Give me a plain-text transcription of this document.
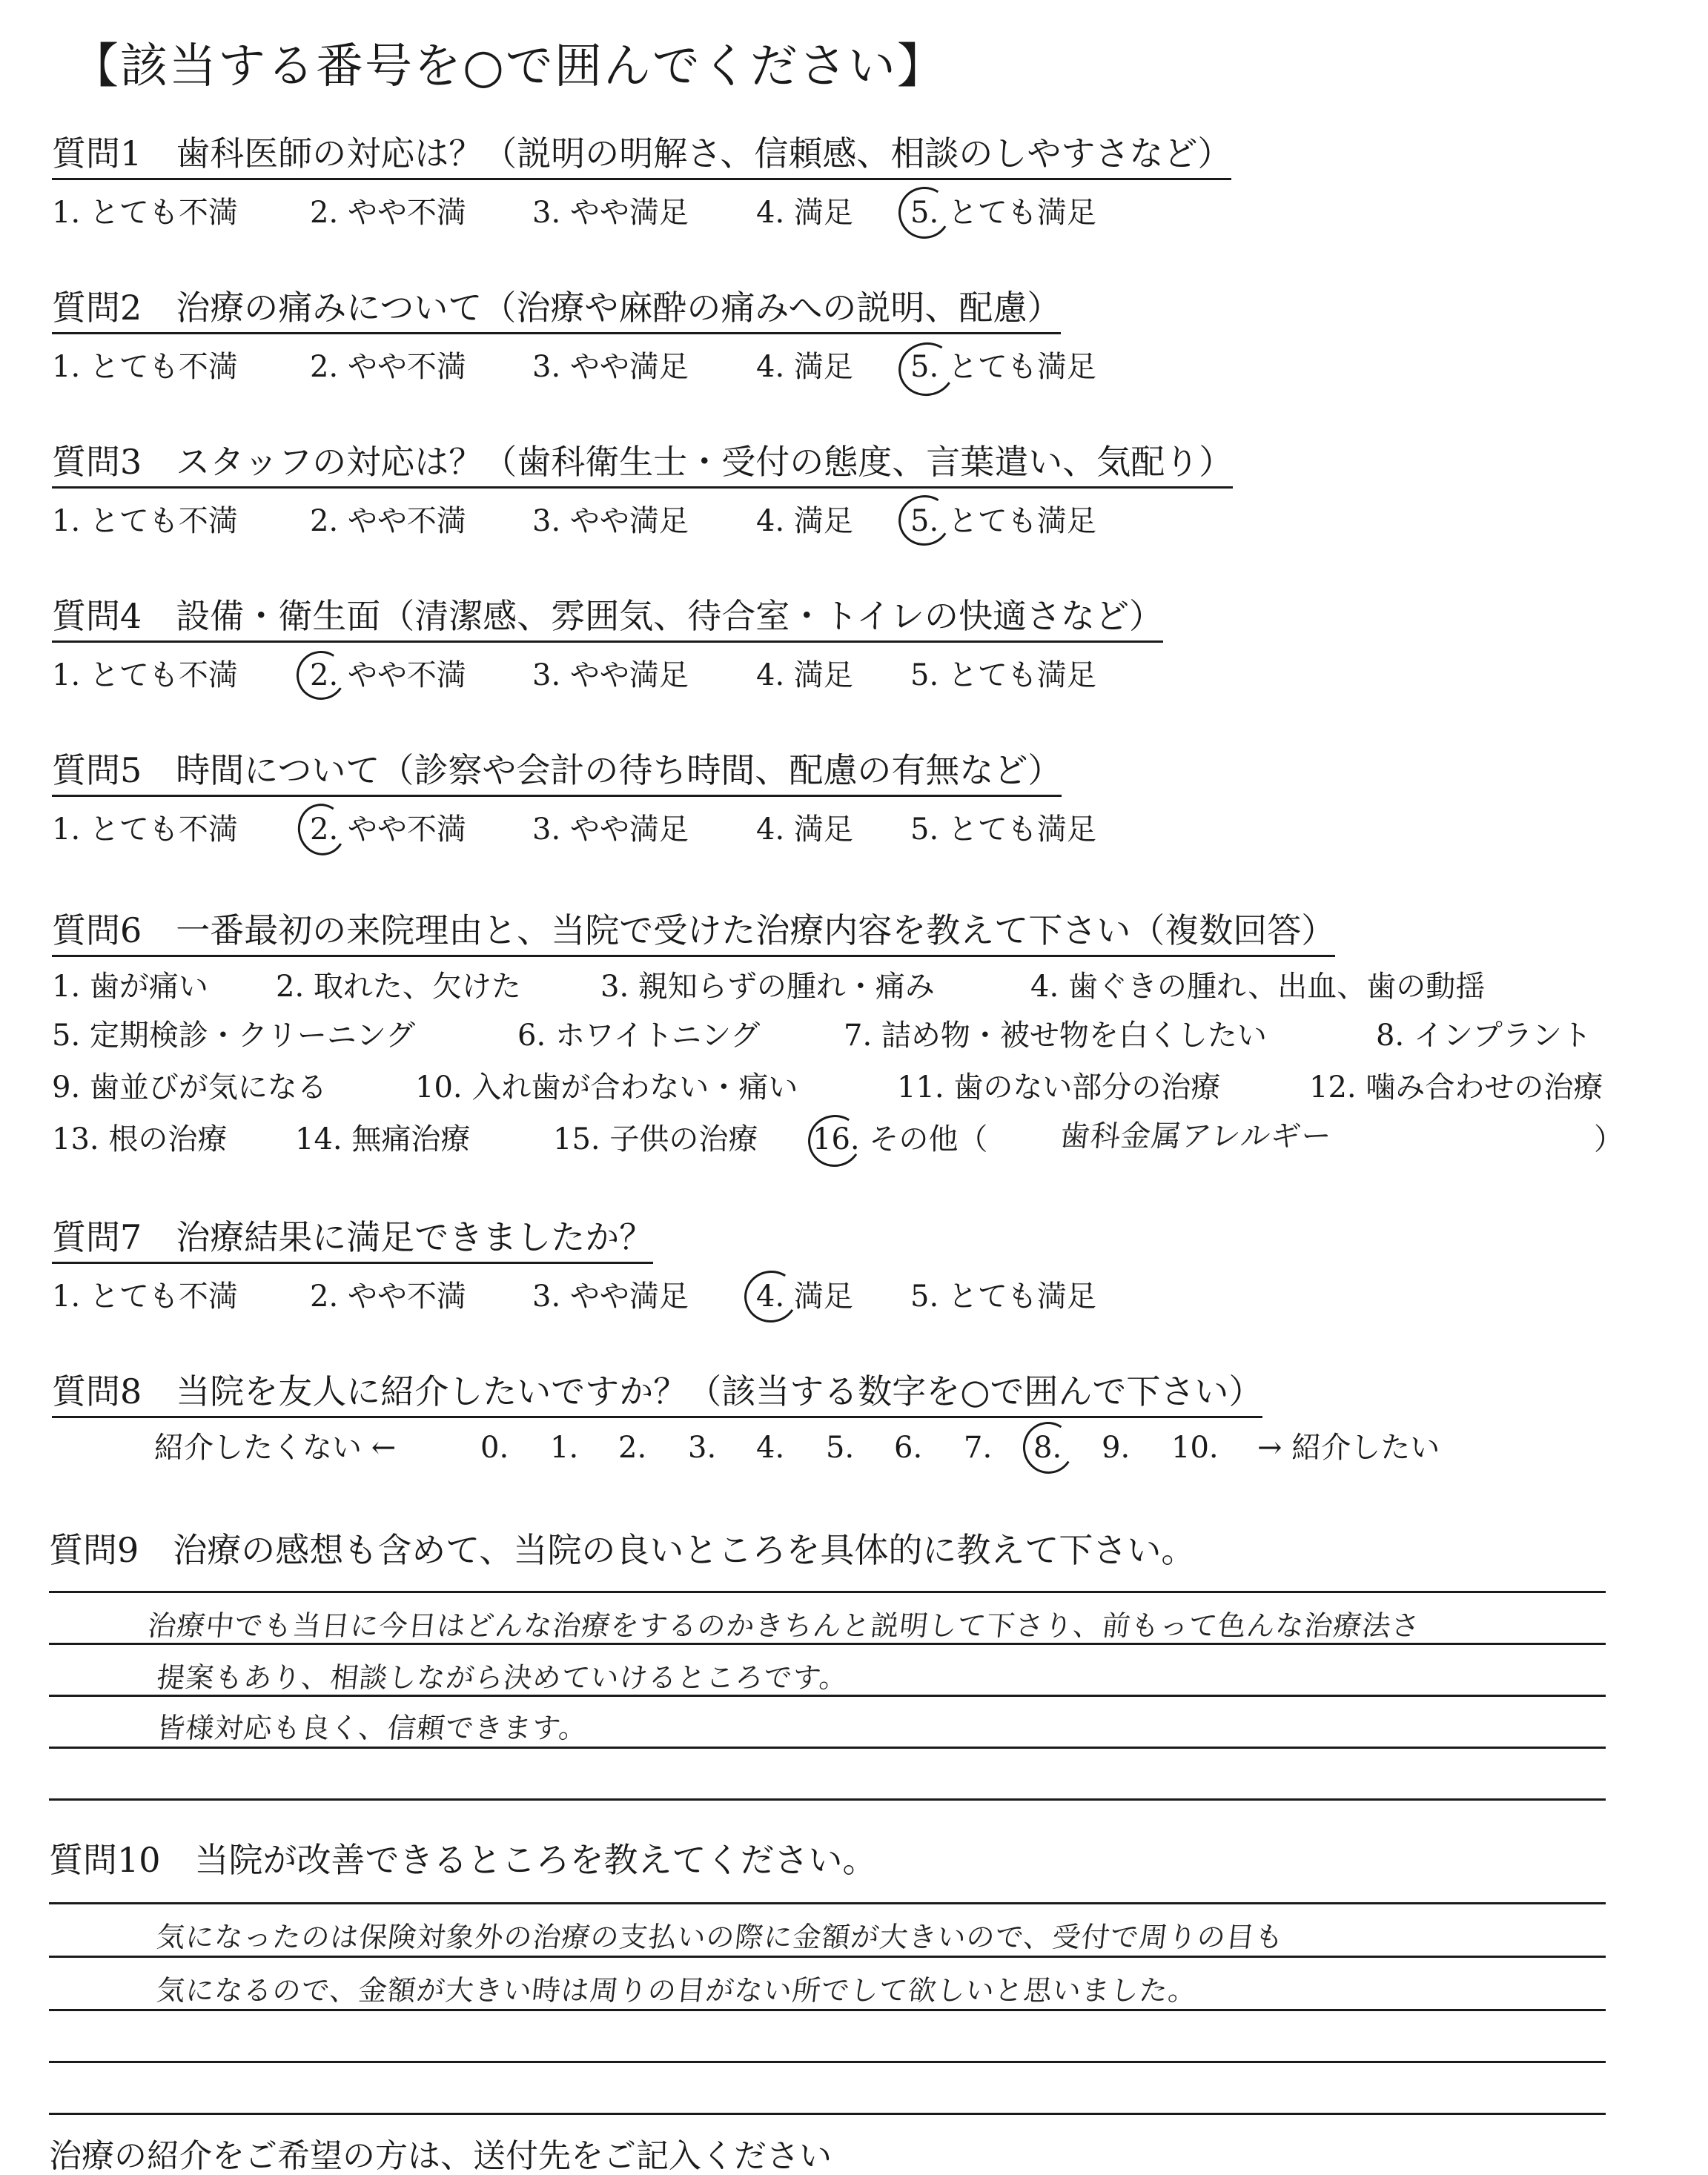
【該当する番号を○で囲んでください】
質問1　歯科医師の対応は？（説明の明解さ、信頼感、相談のしやすさなど）
1. とても不満 2. やや不満 3. やや満足 4. 満足 5. とても満足
質問2　治療の痛みについて（治療や麻酔の痛みへの説明、配慮）
1. とても不満 2. やや不満 3. やや満足 4. 満足 5. とても満足
質問3　スタッフの対応は？（歯科衛生士・受付の態度、言葉遣い、気配り）
1. とても不満 2. やや不満 3. やや満足 4. 満足 5. とても満足
質問4　設備・衛生面（清潔感、雰囲気、待合室・トイレの快適さなど）
1. とても不満 2. やや不満 3. やや満足 4. 満足 5. とても満足
質問5　時間について（診察や会計の待ち時間、配慮の有無など）
1. とても不満 2. やや不満 3. やや満足 4. 満足 5. とても満足
質問6　一番最初の来院理由と、当院で受けた治療内容を教えて下さい（複数回答）
1. 歯が痛い 2. 取れた、欠けた	3. 親知らずの腫れ・痛み	4. 歯ぐきの腫れ、出血、歯の動揺
5. 定期検診・クリーニング	6. ホワイトニング	7. 詰め物・被せ物を白くしたい	8. インプラント
9. 歯並びが気になる	10. 入れ歯が合わない・痛い	11. 歯のない部分の治療	12. 噛み合わせの治療
13. 根の治療 14. 無痛治療	15. 子供の治療 16. その他（ 歯科金属アレルギー	）
質問7　治療結果に満足できましたか？
1. とても不満 2. やや不満 3. やや満足 4. 満足 5. とても満足
質問8　当院を友人に紹介したいですか？（該当する数字を○で囲んで下さい）
紹介したくない ←	0. 1. 2. 3. 4. 5. 6. 7. 8. 9. 10. → 紹介したい
質問9　治療の感想も含めて、当院の良いところを具体的に教えて下さい。
治療中でも当日に今日はどんな治療をするのかきちんと説明して下さり、前もって色んな治療法さ
提案もあり、相談しながら決めていけるところです。
皆様対応も良く、信頼できます。
質問10　当院が改善できるところを教えてください。
気になったのは保険対象外の治療の支払いの際に金額が大きいので、受付で周りの目も
気になるので、金額が大きい時は周りの目がない所でして欲しいと思いました。
治療の紹介をご希望の方は、送付先をご記入ください
